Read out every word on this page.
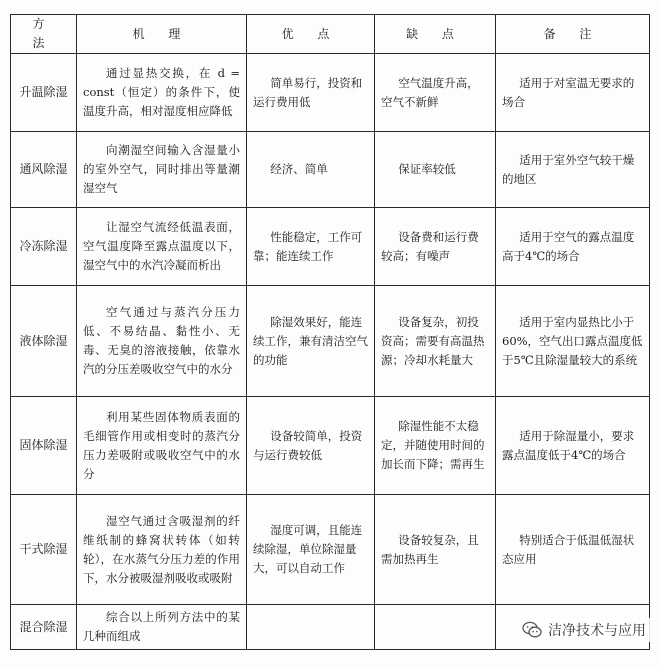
方 法	机 理	优 点	缺 点	备 注
升温除湿	通过显热交换，在 d = const（恒定）的条件下，使温度升高，相对湿度相应降低	简单易行，投资和运行费用低	空气温度升高，空气不新鲜	适用于对室温无要求的场合
通风除湿	向潮湿空间输入含湿量小的室外空气，同时排出等量潮湿空气	经济、简单	保证率较低	适用于室外空气较干燥的地区
冷冻除湿	让湿空气流经低温表面，空气温度降至露点温度以下，湿空气中的水汽冷凝而析出	性能稳定，工作可靠；能连续工作	设备费和运行费较高；有噪声	适用于空气的露点温度高于4℃的场合
液体除湿	空气通过与蒸汽分压力低、不易结晶、黏性小、无毒、无臭的溶液接触，依靠水汽的分压差吸收空气中的水分	除湿效果好，能连续工作，兼有清洁空气的功能	设备复杂，初投资高；需要有高温热源；冷却水耗量大	适用于室内显热比小于60%，空气出口露点温度低于5℃且除湿量较大的系统
固体除湿	利用某些固体物质表面的毛细管作用或相变时的蒸汽分压力差吸附或吸收空气中的水分	设备较简单，投资与运行费较低	除湿性能不太稳定，并随使用时间的加长而下降；需再生	适用于除湿量小，要求露点温度低于4℃的场合
干式除湿	湿空气通过含吸湿剂的纤维纸制的蜂窝状转体（如转轮），在水蒸气分压力差的作用下，水分被吸湿剂吸收或吸附	湿度可调，且能连续除湿，单位除湿量大，可以自动工作	设备较复杂，且需加热再生	特别适合于低温低湿状态应用
混合除湿	综合以上所列方法中的某几种而组成				洁净技术与应用
